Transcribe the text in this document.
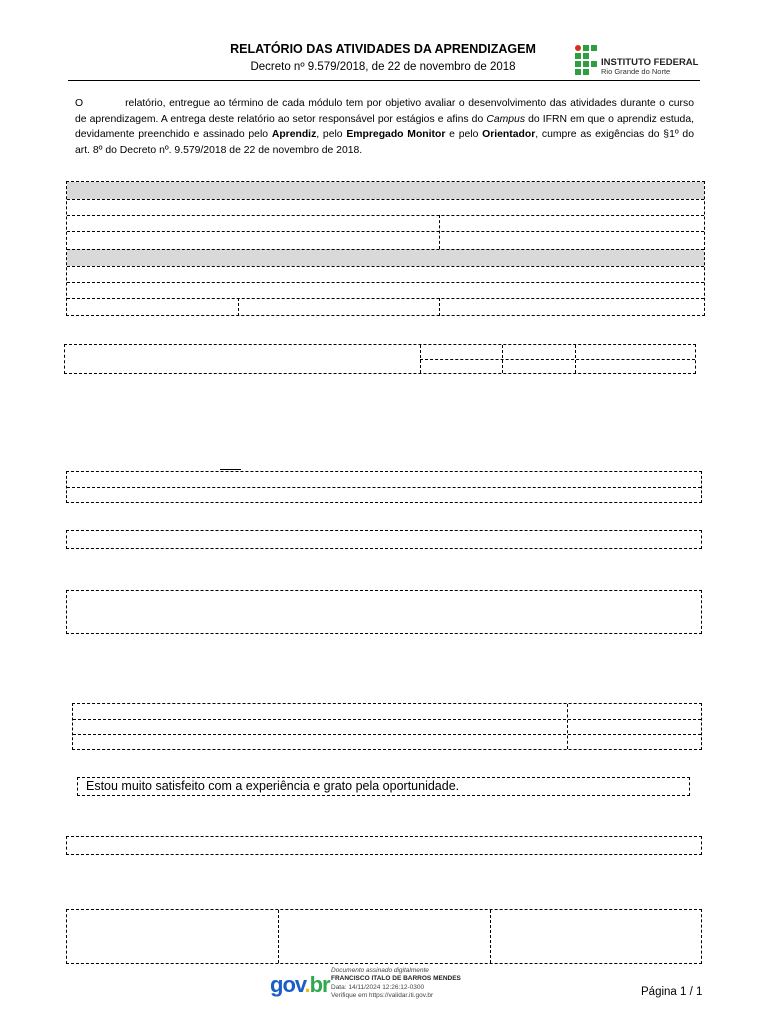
RELATÓRIO DAS ATIVIDADES DA APRENDIZAGEM
Decreto nº 9.579/2018, de 22 de novembro de 2018	INSTITUTO FEDERAL
Rio Grande do Norte
O	relatório, entregue ao término de cada módulo tem por objetivo avaliar o desenvolvimento das atividades durante o curso de aprendizagem. A entrega deste relatório ao setor responsável por estágios e afins do Campus do IFRN em que o aprendiz estuda, devidamente preenchido e assinado pelo Aprendiz, pelo Empregado Monitor e pelo Orientador, cumpre as exigências do §1º do art. 8º do Decreto nº. 9.579/2018 de 22 de novembro de 2018.
Estou muito satisfeito com a experiência e grato pela oportunidade.
gov.br
Documento assinado digitalmente
FRANCISCO ITALO DE BARROS MENDES
Data: 14/11/2024 12:26:12-0300
Verifique em https://validar.iti.gov.br	Página 1 / 1
